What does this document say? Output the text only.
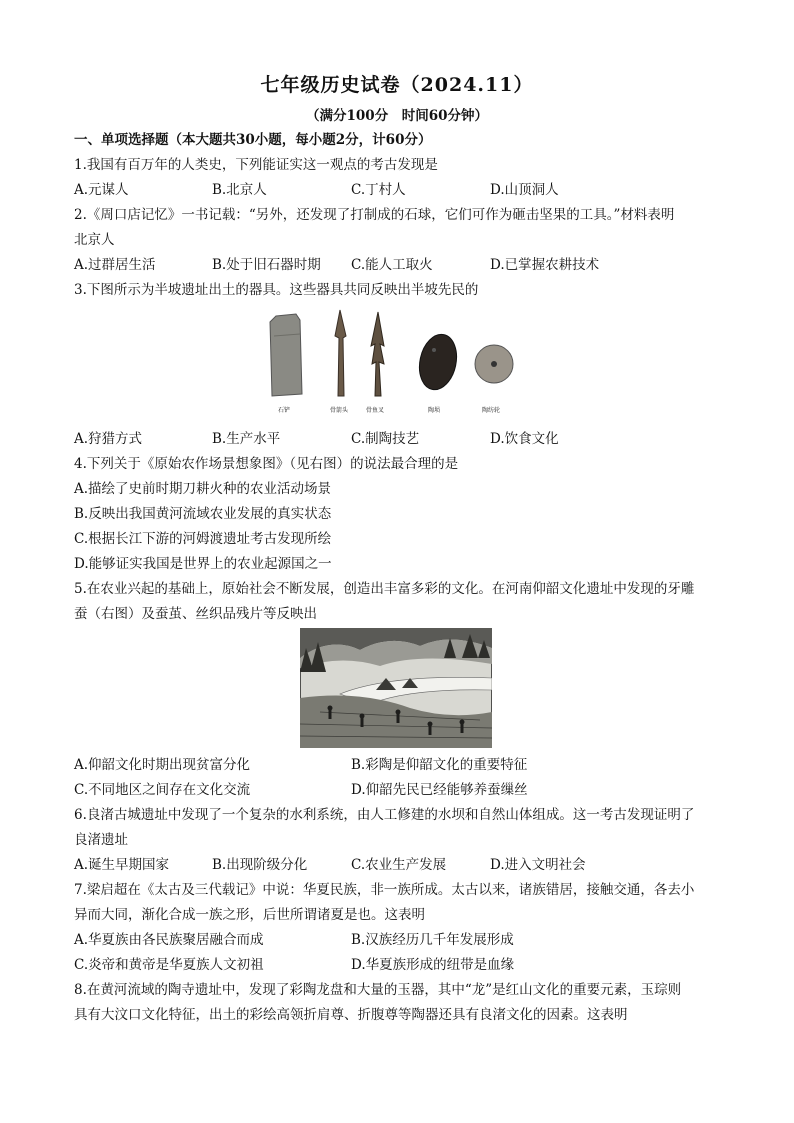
七年级历史试卷（2024.11）
（满分100分　时间60分钟）
一、单项选择题（本大题共30小题，每小题2分，计60分）
1.我国有百万年的人类史，下列能证实这一观点的考古发现是
A.元谋人	B.北京人	C.丁村人	D.山顶洞人
2.《周口店记忆》一书记载：“另外，还发现了打制成的石球，它们可作为砸击坚果的工具。”材料表明
北京人
A.过群居生活	B.处于旧石器时期 C.能人工取火	D.已掌握农耕技术
3.下图所示为半坡遗址出土的器具。这些器具共同反映出半坡先民的
石铲	骨箭头	骨鱼叉	陶埙	陶纺轮
A.狩猎方式	B.生产水平	C.制陶技艺	D.饮食文化
4.下列关于《原始农作场景想象图》（见右图）的说法最合理的是
A.描绘了史前时期刀耕火种的农业活动场景
B.反映出我国黄河流域农业发展的真实状态
C.根据长江下游的河姆渡遗址考古发现所绘
D.能够证实我国是世界上的农业起源国之一
5.在农业兴起的基础上，原始社会不断发展，创造出丰富多彩的文化。在河南仰韶文化遗址中发现的牙雕
蚕（右图）及蚕茧、丝织品残片等反映出
A.仰韶文化时期出现贫富分化	B.彩陶是仰韶文化的重要特征
C.不同地区之间存在文化交流	D.仰韶先民已经能够养蚕缫丝
6.良渚古城遗址中发现了一个复杂的水利系统，由人工修建的水坝和自然山体组成。这一考古发现证明了
良渚遗址
A.诞生早期国家	B.出现阶级分化	C.农业生产发展	D.进入文明社会
7.梁启超在《太古及三代载记》中说：华夏民族，非一族所成。太古以来，诸族错居，接触交通，各去小
异而大同，渐化合成一族之形，后世所谓诸夏是也。这表明
A.华夏族由各民族聚居融合而成	B.汉族经历几千年发展形成
C.炎帝和黄帝是华夏族人文初祖	D.华夏族形成的纽带是血缘
8.在黄河流域的陶寺遗址中，发现了彩陶龙盘和大量的玉器，其中“龙”是红山文化的重要元素，玉琮则
具有大汶口文化特征，出土的彩绘高领折肩尊、折腹尊等陶器还具有良渚文化的因素。这表明
